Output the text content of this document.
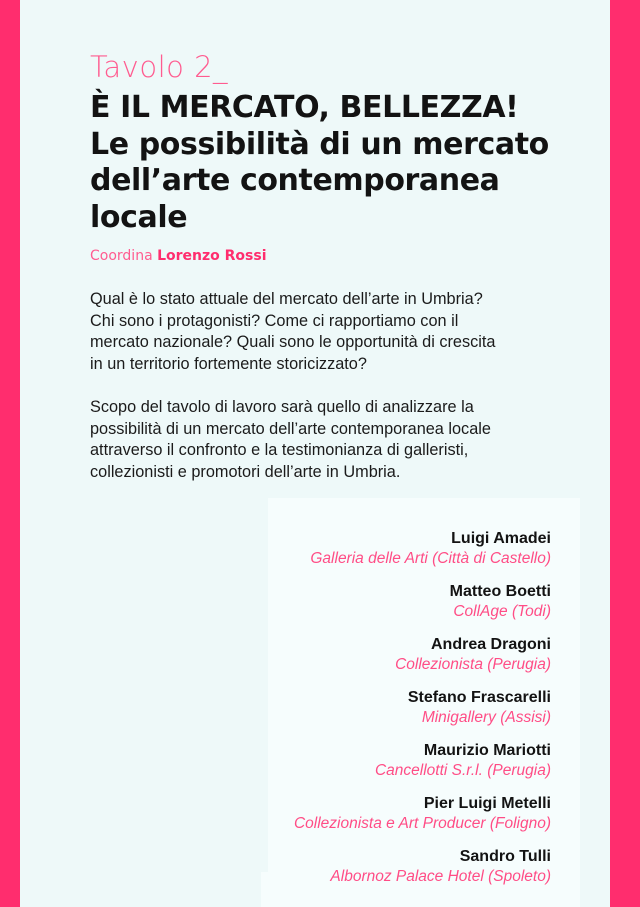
Tavolo 2_

È IL MERCATO, BELLEZZA!
Le possibilità di un mercato
dell’arte contemporanea
locale

Coordina Lorenzo Rossi

Qual è lo stato attuale del mercato dell’arte in Umbria?
Chi sono i protagonisti? Come ci rapportiamo con il
mercato nazionale? Quali sono le opportunità di crescita
in un territorio fortemente storicizzato?

Scopo del tavolo di lavoro sarà quello di analizzare la
possibilità di un mercato dell’arte contemporanea locale
attraverso il confronto e la testimonianza di galleristi,
collezionisti e promotori dell’arte in Umbria.

Luigi Amadei
Galleria delle Arti (Città di Castello)
Matteo Boetti
CollAge (Todi)
Andrea Dragoni
Collezionista (Perugia)
Stefano Frascarelli
Minigallery (Assisi)
Maurizio Mariotti
Cancellotti S.r.l. (Perugia)
Pier Luigi Metelli
Collezionista e Art Producer (Foligno)
Sandro Tulli
Albornoz Palace Hotel (Spoleto)
